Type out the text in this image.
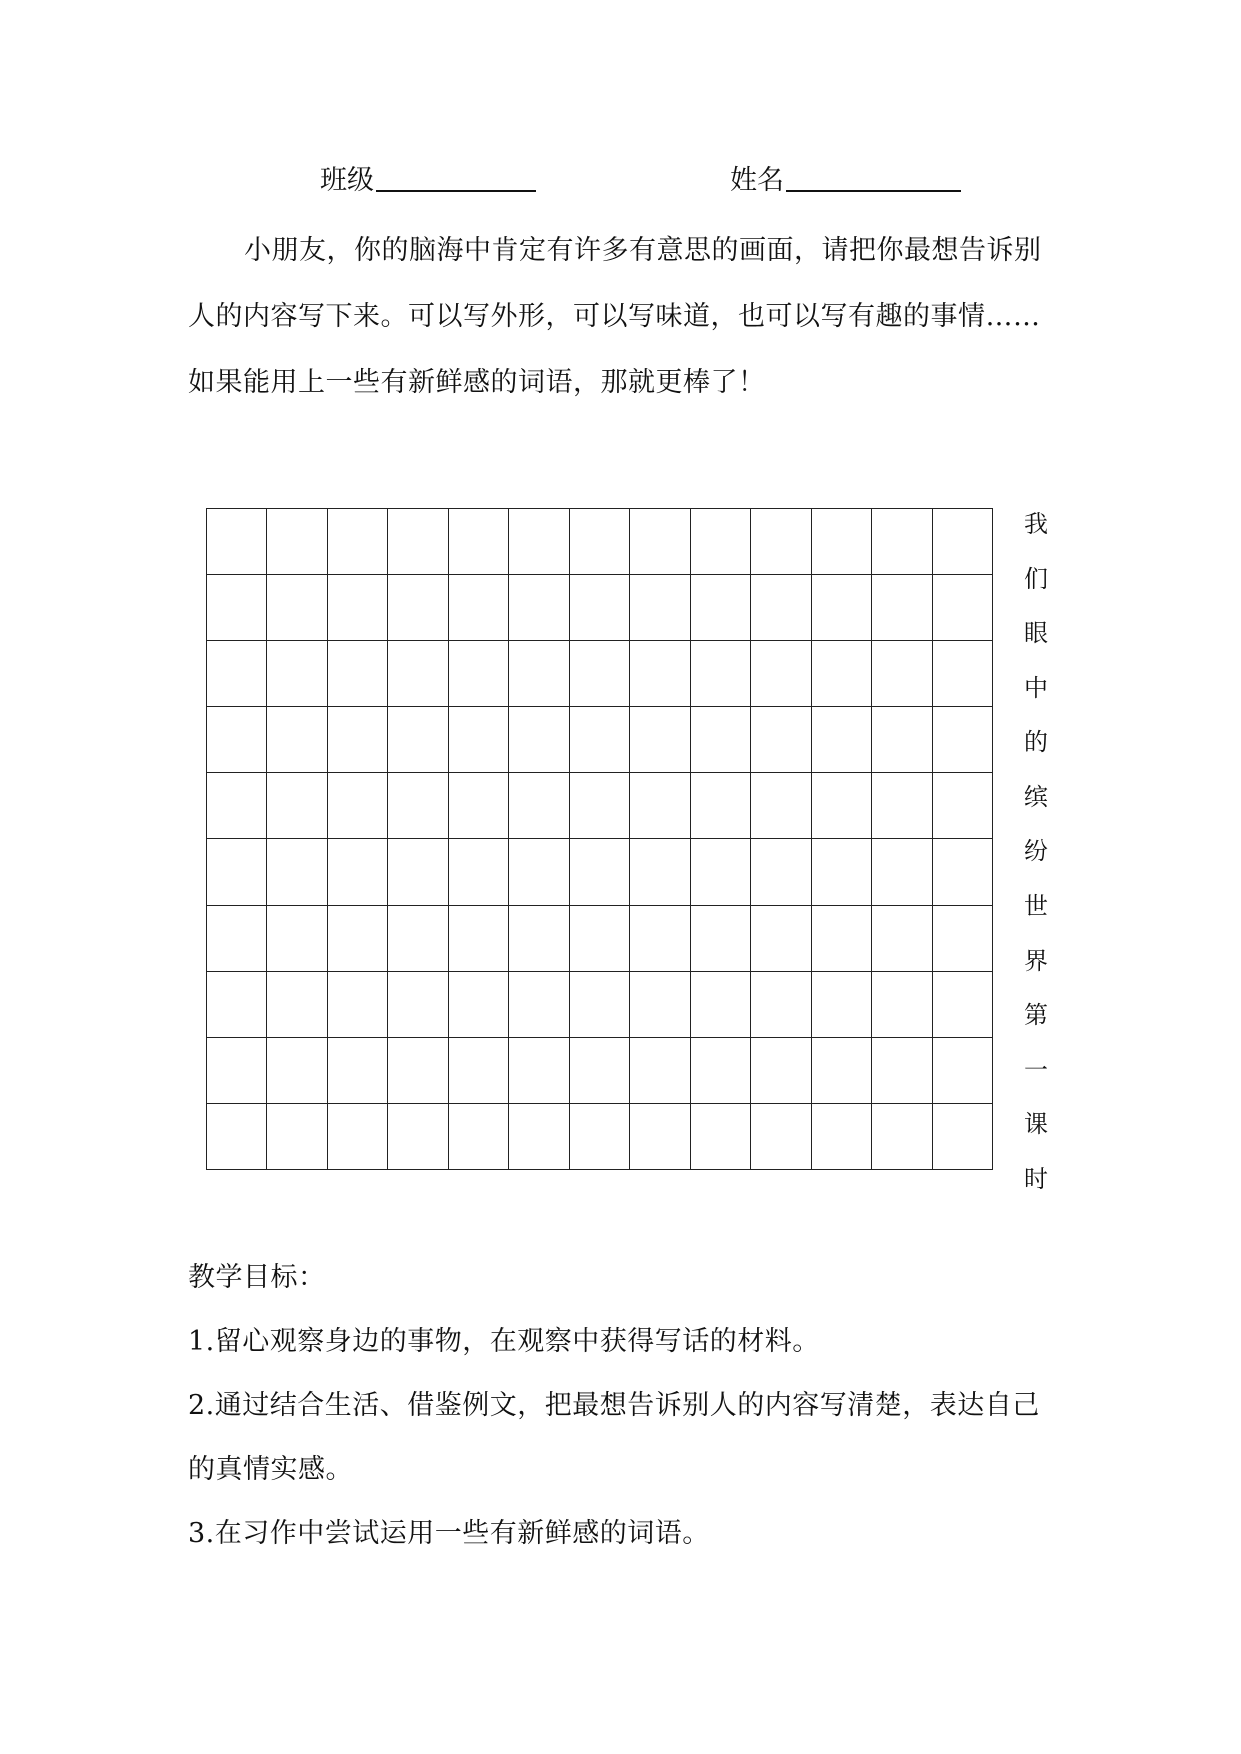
班级	姓名

小朋友，你的脑海中肯定有许多有意思的画面，请把你最想告诉别人的内容写下来。可以写外形，可以写味道，也可以写有趣的事情……如果能用上一些有新鲜感的词语，那就更棒了！

我
们
眼
中
的
缤
纷
世
界
第
一
课
时

教学目标：

1.留心观察身边的事物，在观察中获得写话的材料。

2.通过结合生活、借鉴例文，把最想告诉别人的内容写清楚，表达自己的真情实感。

3.在习作中尝试运用一些有新鲜感的词语。
